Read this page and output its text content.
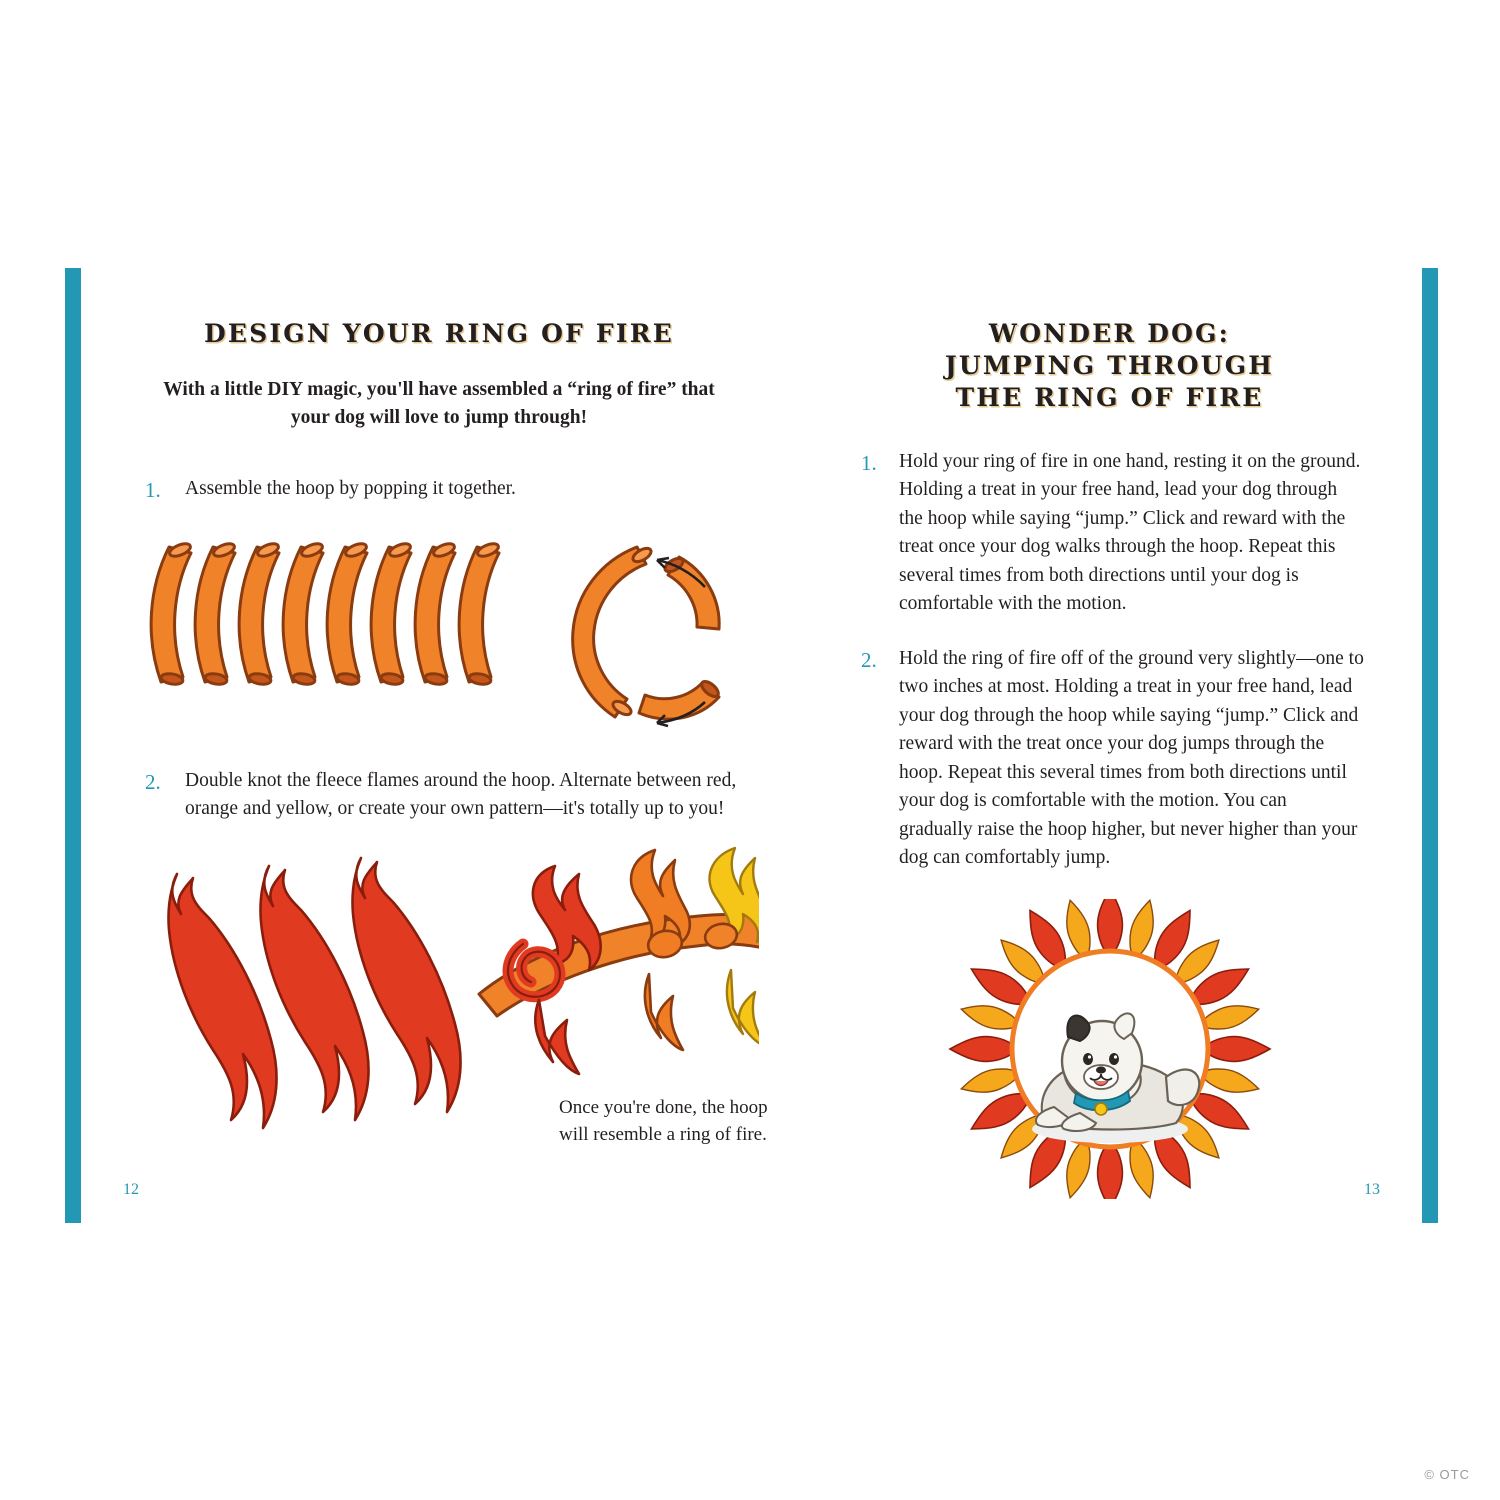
DESIGN YOUR RING OF FIRE

With a little DIY magic, you'll have assembled a “ring of fire” that your dog will love to jump through!

1.	Assemble the hoop by popping it together.
2.	Double knot the fleece flames around the hoop. Alternate between red, orange and yellow, or create your own pattern—it's totally up to you!
Once you're done, the hoop will resemble a ring of fire.
12
WONDER DOG:
JUMPING THROUGH
THE RING OF FIRE
1.	Hold your ring of fire in one hand, resting it on the ground. Holding a treat in your free hand, lead your dog through the hoop while saying “jump.” Click and reward with the treat once your dog walks through the hoop. Repeat this several times from both directions until your dog is comfortable with the motion.
2.	Hold the ring of fire off of the ground very slightly—one to two inches at most. Holding a treat in your free hand, lead your dog through the hoop while saying “jump.” Click and reward with the treat once your dog jumps through the hoop. Repeat this several times from both directions until your dog is comfortable with the motion. You can gradually raise the hoop higher, but never higher than your dog can comfortably jump.
13
© OTC
